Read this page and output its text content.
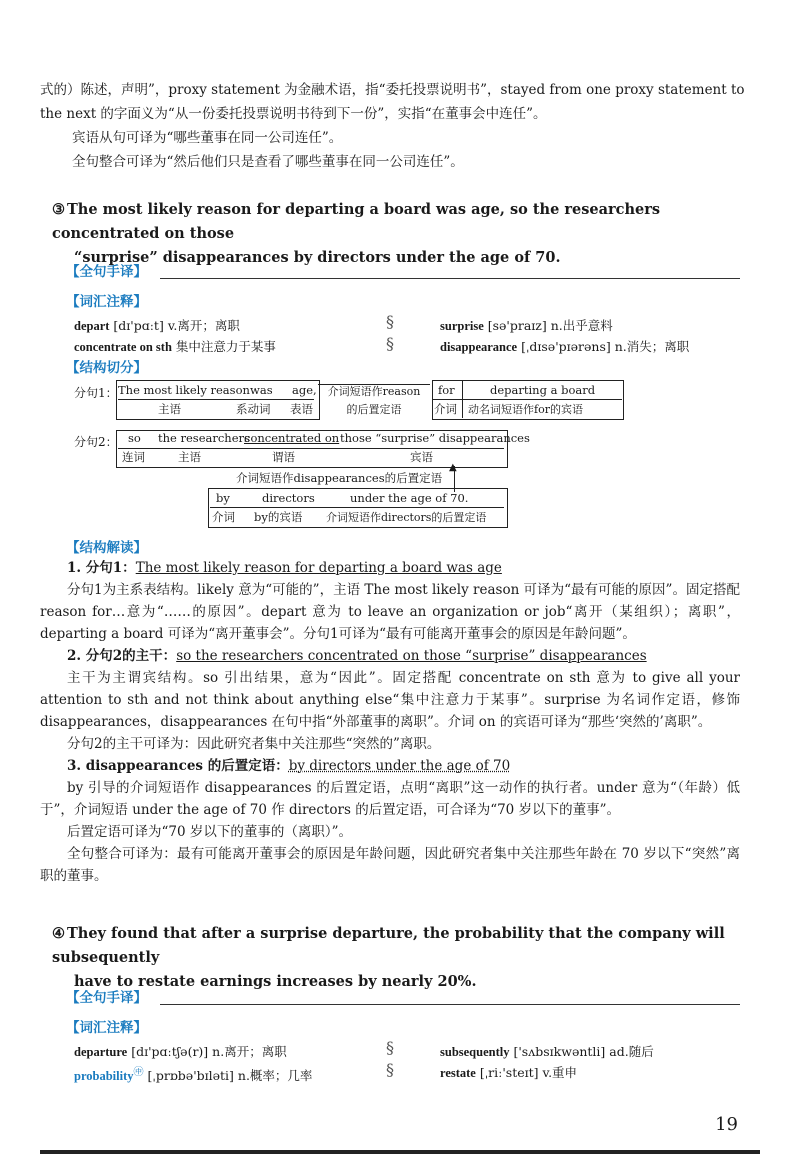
式的）陈述，声明”，proxy statement 为金融术语，指“委托投票说明书”，stayed from one proxy statement to
the next 的字面义为“从一份委托投票说明书待到下一份”，实指“在董事会中连任”。
宾语从句可译为“哪些董事在同一公司连任”。
全句整合可译为“然后他们只是查看了哪些董事在同一公司连任”。
③ The most likely reason for departing a board was age, so the researchers concentrated on those
“surprise” disappearances by directors under the age of 70.
【全句手译】
【词汇注释】
depart [dɪ'pɑːt] v.离开；离职
concentrate on sth 集中注意力于某事
§
§
surprise [sə'praɪz] n.出乎意料
disappearance [ˌdɪsə'pɪərəns] n.消失；离职
【结构切分】
分句1： The most likely reason was age,
主语	系动词 表语
介词短语作reason
的后置定语
for
介词
departing a board
动名词短语作for的宾语
分句2： so
连词
the researchers
主语
concentrated on
谓语
those “surprise” disappearances
宾语
▲
介词短语作disappearances的后置定语
by
介词
directors
by的宾语
under the age of 70.
介词短语作directors的后置定语
【结构解读】

1. 分句1：The most likely reason for departing a board was age

分句1为主系表结构。likely 意为“可能的”，主语 The most likely reason 可译为“最有可能的原因”。固定搭配 reason for…意为“……的原因”。depart 意为 to leave an organization or job“离开（某组织）；离职”，departing a board 可译为“离开董事会”。分句1可译为“最有可能离开董事会的原因是年龄问题”。

2. 分句2的主干：so the researchers concentrated on those “surprise” disappearances

主干为主谓宾结构。so 引出结果，意为“因此”。固定搭配 concentrate on sth 意为 to give all your attention to sth and not think about anything else“集中注意力于某事”。surprise 为名词作定语，修饰 disappearances，disappearances 在句中指“外部董事的离职”。介词 on 的宾语可译为“那些‘突然的’离职”。

分句2的主干可译为：因此研究者集中关注那些“突然的”离职。

3. disappearances 的后置定语：by directors under the age of 70

by 引导的介词短语作 disappearances 的后置定语，点明“离职”这一动作的执行者。under 意为“（年龄）低于”，介词短语 under the age of 70 作 directors 的后置定语，可合译为“70 岁以下的董事”。

后置定语可译为“70 岁以下的董事的（离职）”。

全句整合可译为：最有可能离开董事会的原因是年龄问题，因此研究者集中关注那些年龄在 70 岁以下“突然”离职的董事。

④ They found that after a surprise departure, the probability that the company will subsequently
have to restate earnings increases by nearly 20%.
【全句手译】
【词汇注释】
departure [dɪ'pɑːtʃə(r)] n.离开；离职
probability㊥ [ˌprɒbə'bɪləti] n.概率；几率
§
§
subsequently ['sʌbsɪkwəntli] ad.随后
restate [ˌriː'steɪt] v.重申
19
